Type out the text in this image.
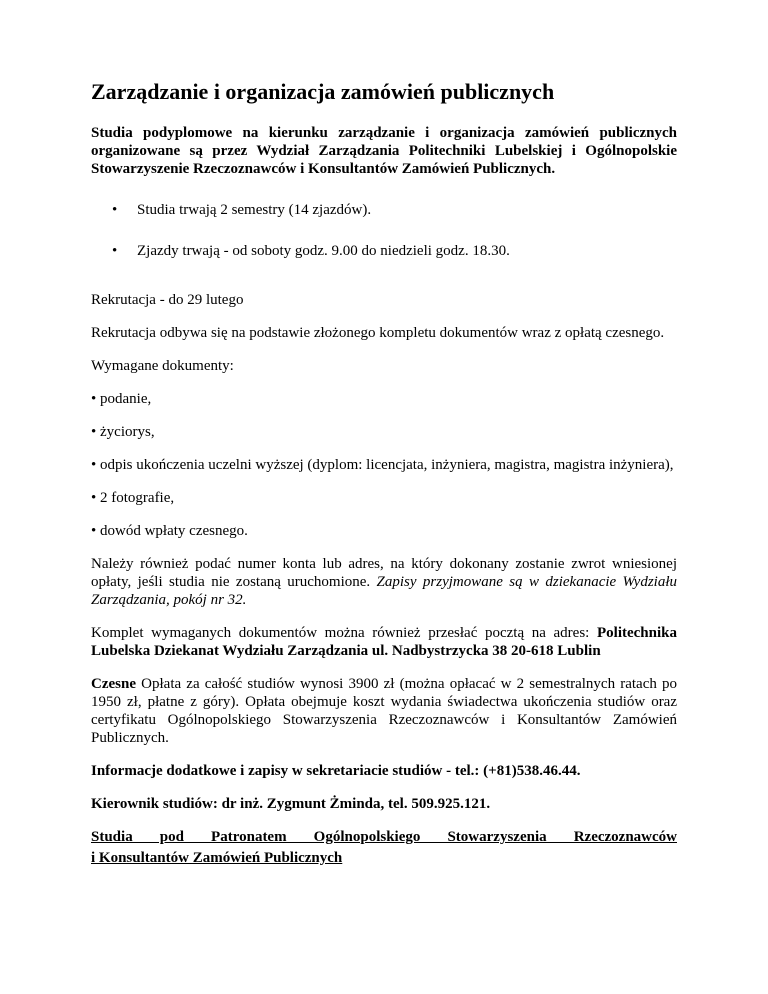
Zarządzanie i organizacja zamówień publicznych

Studia podyplomowe na kierunku zarządzanie i organizacja zamówień publicznych organizowane są przez Wydział Zarządzania Politechniki Lubelskiej i Ogólnopolskie Stowarzyszenie Rzeczoznawców i Konsultantów Zamówień Publicznych.

• Studia trwają 2 semestry (14 zjazdów).
• Zjazdy trwają - od soboty godz. 9.00 do niedzieli godz. 18.30.

Rekrutacja - do 29 lutego

Rekrutacja odbywa się na podstawie złożonego kompletu dokumentów wraz z opłatą czesnego.

Wymagane dokumenty:

• podanie,

• życiorys,

• odpis ukończenia uczelni wyższej (dyplom: licencjata, inżyniera, magistra, magistra inżyniera),

• 2 fotografie,

• dowód wpłaty czesnego.

Należy również podać numer konta lub adres, na który dokonany zostanie zwrot wniesionej opłaty, jeśli studia nie zostaną uruchomione. Zapisy przyjmowane są w dziekanacie Wydziału Zarządzania, pokój nr 32.

Komplet wymaganych dokumentów można również przesłać pocztą na adres: Politechnika Lubelska Dziekanat Wydziału Zarządzania ul. Nadbystrzycka 38 20-618 Lublin

Czesne Opłata za całość studiów wynosi 3900 zł (można opłacać w 2 semestralnych ratach po 1950 zł, płatne z góry). Opłata obejmuje koszt wydania świadectwa ukończenia studiów oraz certyfikatu Ogólnopolskiego Stowarzyszenia Rzeczoznawców i Konsultantów Zamówień Publicznych.

Informacje dodatkowe i zapisy w sekretariacie studiów - tel.: (+81)538.46.44.

Kierownik studiów: dr inż. Zygmunt Żminda, tel. 509.925.121.

Studia pod Patronatem Ogólnopolskiego Stowarzyszenia Rzeczoznawców

i Konsultantów Zamówień Publicznych
